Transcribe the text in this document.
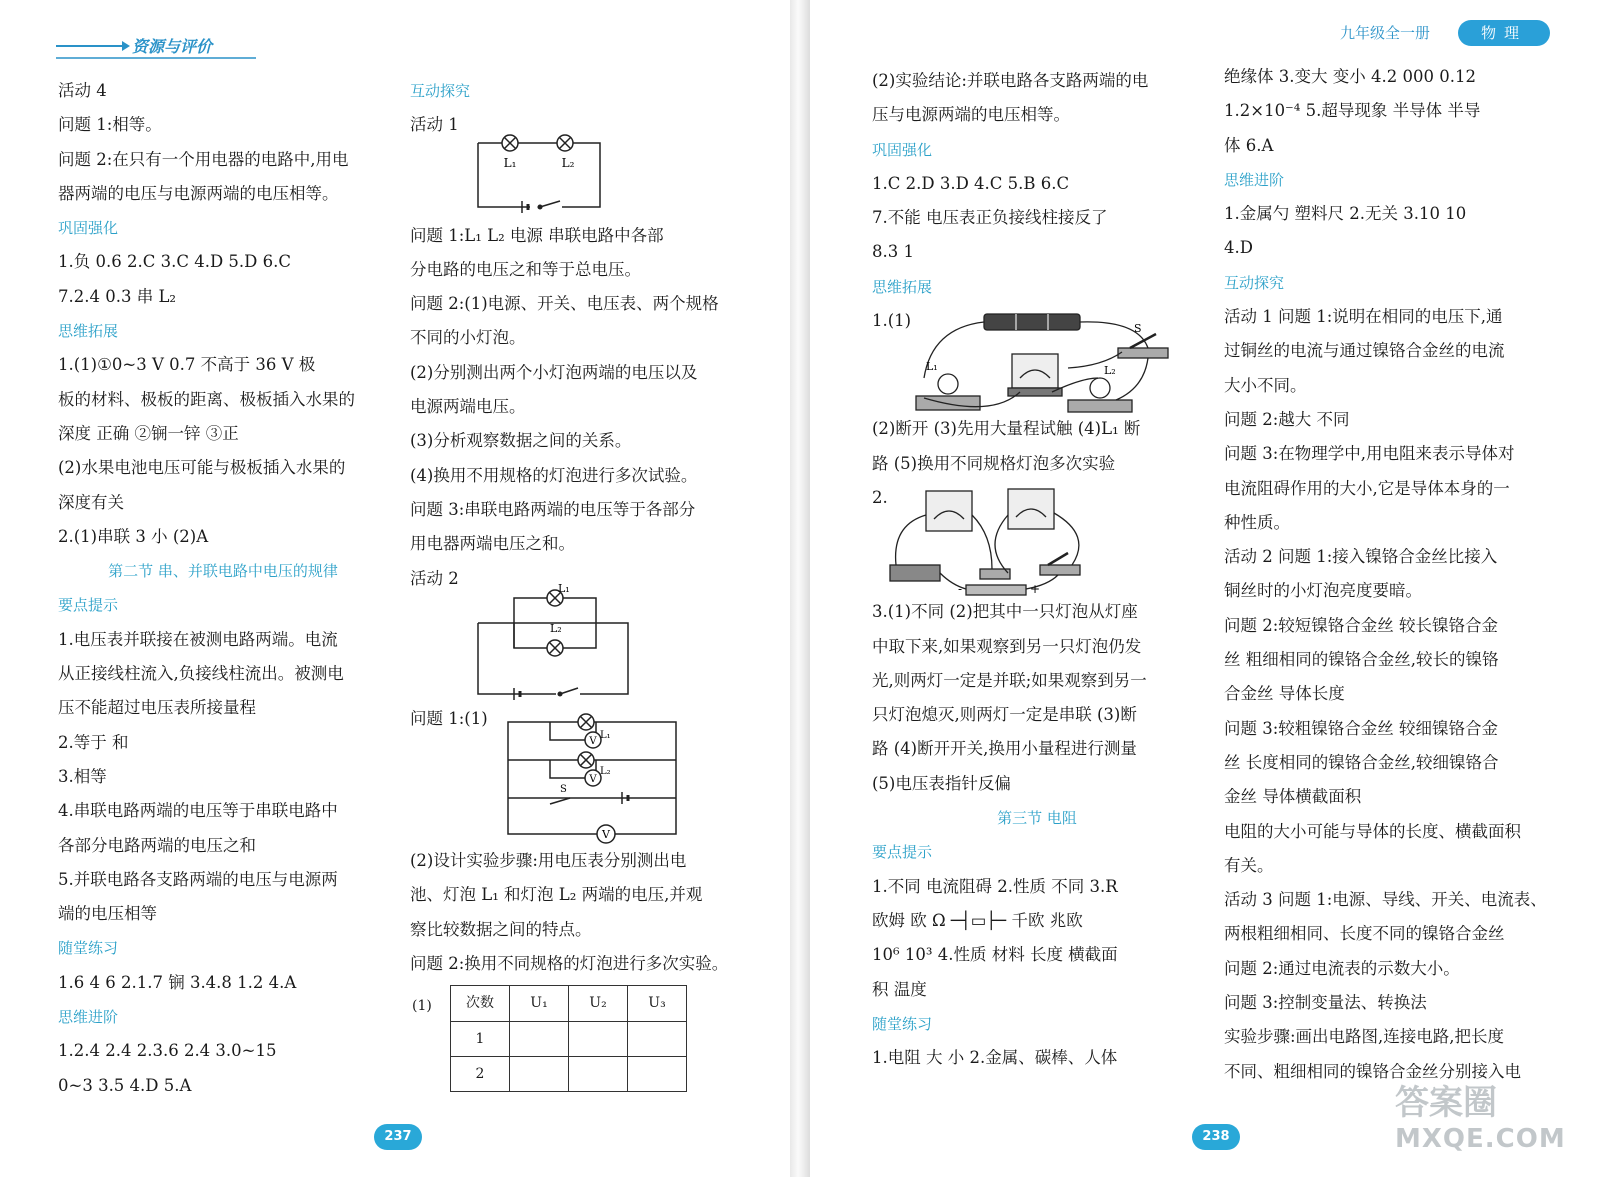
资源与评价
活动 4
问题 1:相等。
问题 2:在只有一个用电器的电路中,用电
器两端的电压与电源两端的电压相等。
巩固强化
1.负 0.6 2.C 3.C 4.D 5.D 6.C
7.2.4 0.3 串 L₂
思维拓展
1.(1)①0~3 V 0.7 不高于 36 V 极
板的材料、极板的距离、极板插入水果的
深度 正确 ②锎一锌 ③正
(2)水果电池电压可能与极板插入水果的
深度有关
2.(1)串联 3 小 (2)A
第二节 串、并联电路中电压的规律
要点提示
1.电压表并联接在被测电路两端。电流
从正接线柱流入,负接线柱流出。被测电
压不能超过电压表所接量程
2.等于 和
3.相等
4.串联电路两端的电压等于串联电路中
各部分电路两端的电压之和
5.并联电路各支路两端的电压与电源两
端的电压相等
随堂练习
1.6 4 6 2.1.7 锎 3.4.8 1.2 4.A
思维进阶
1.2.4 2.4 2.3.6 2.4 3.0~15
0~3 3.5 4.D 5.A
互动探究
活动 1
L₁	L₂
问题 1:L₁ L₂ 电源 串联电路中各部
分电路的电压之和等于总电压。
问题 2:(1)电源、开关、电压表、两个规格
不同的小灯泡。
(2)分别测出两个小灯泡两端的电压以及
电源两端电压。
(3)分析观察数据之间的关系。
(4)换用不用规格的灯泡进行多次试验。
问题 3:串联电路两端的电压等于各部分
用电器两端电压之和。
活动 2
L₁
L₂
问题 1:(1)
V
V
V
L₁
L₂
S
(2)设计实验步骤:用电压表分别测出电
池、灯泡 L₁ 和灯泡 L₂ 两端的电压,并观
察比较数据之间的特点。
问题 2:换用不同规格的灯泡进行多次实验。
(1) 次数	U₁	U₂	U₃
1			
2			
237
九年级全一册	物理
(2)实验结论:并联电路各支路两端的电
压与电源两端的电压相等。
巩固强化
1.C 2.D 3.D 4.C 5.B 6.C
7.不能 电压表正负接线柱接反了
8.3 1
思维拓展
1.(1)
L₁	L₂
S
(2)断开 (3)先用大量程试触 (4)L₁ 断
路 (5)换用不同规格灯泡多次实验
2.
-	+
3.(1)不同 (2)把其中一只灯泡从灯座
中取下来,如果观察到另一只灯泡仍发
光,则两灯一定是并联;如果观察到另一
只灯泡熄灭,则两灯一定是串联 (3)断
路 (4)断开开关,换用小量程进行测量
(5)电压表指针反偏
第三节 电阻
要点提示
1.不同 电流阻碍 2.性质 不同 3.R
欧姆 欧 Ω ─┤▭├─ 千欧 兆欧
10⁶ 10³ 4.性质 材料 长度 横截面
积 温度
随堂练习
1.电阻 大 小 2.金属、碳棒、人体
绝缘体 3.变大 变小 4.2 000 0.12
1.2×10⁻⁴ 5.超导现象 半导体 半导
体 6.A
思维进阶
1.金属勺 塑料尺 2.无关 3.10 10
4.D
互动探究
活动 1 问题 1:说明在相同的电压下,通
过铜丝的电流与通过镍铬合金丝的电流
大小不同。
问题 2:越大 不同
问题 3:在物理学中,用电阻来表示导体对
电流阻碍作用的大小,它是导体本身的一
种性质。
活动 2 问题 1:接入镍铬合金丝比接入
铜丝时的小灯泡亮度要暗。
问题 2:较短镍铬合金丝 较长镍铬合金
丝 粗细相同的镍铬合金丝,较长的镍铬
合金丝 导体长度
问题 3:较粗镍铬合金丝 较细镍铬合金
丝 长度相同的镍铬合金丝,较细镍铬合
金丝 导体横截面积
电阻的大小可能与导体的长度、横截面积
有关。
活动 3 问题 1:电源、导线、开关、电流表、
两根粗细相同、长度不同的镍铬合金丝
问题 2:通过电流表的示数大小。
问题 3:控制变量法、转换法
实验步骤:画出电路图,连接电路,把长度
不同、粗细相同的镍铬合金丝分别接入电
238
答案圈
MXQE.COM
